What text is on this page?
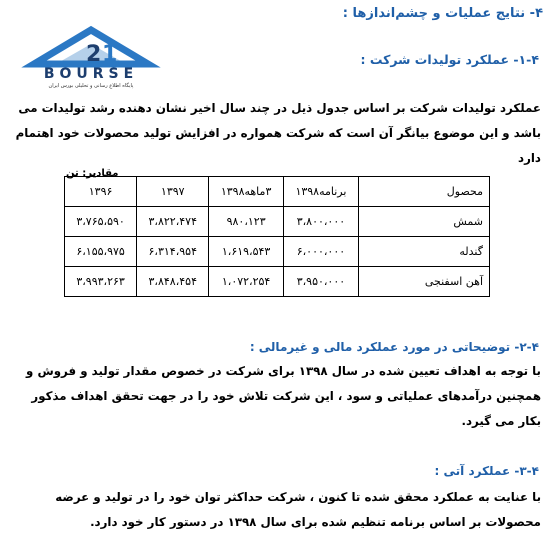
۴- نتایج عملیات و چشم‌اندازها :
2 1
BOURSE
پایگاه اطلاع رسانی و تحلیلی بورس ایران
۱-۴- عملکرد تولیدات شرکت :
عملکرد تولیدات شرکت بر اساس جدول ذیل در چند سال اخیر نشان دهنده رشد تولیدات می باشد و این موضوع بیانگر آن است که شرکت همواره در افزایش تولید محصولات خود اهتمام دارد
مقادیر: تن
محصول	برنامه۱۳۹۸	۳ماهه۱۳۹۸	۱۳۹۷	۱۳۹۶
شمش	۳،۸۰۰،۰۰۰	۹۸۰،۱۲۳	۳،۸۲۲،۴۷۴	۳،۷۶۵،۵۹۰
گندله	۶،۰۰۰،۰۰۰	۱،۶۱۹،۵۴۳	۶،۳۱۴،۹۵۴	۶،۱۵۵،۹۷۵
آهن اسفنجی	۳،۹۵۰،۰۰۰	۱،۰۷۲،۲۵۴	۳،۸۴۸،۴۵۴	۳،۹۹۳،۲۶۳
۲-۴- توضیحاتی در مورد عملکرد مالی و غیرمالی :
با توجه به اهداف تعیین شده در سال ۱۳۹۸ برای شرکت در خصوص مقدار تولید و فروش و همچنین درآمدهای عملیاتی و سود ، این شرکت تلاش خود را در جهت تحقق اهداف مذکور بکار می گیرد.
۳-۴- عملکرد آتی :
با عنایت به عملکرد محقق شده تا کنون ، شرکت حداکثر توان خود را در تولید و عرضه محصولات بر اساس برنامه تنظیم شده برای سال ۱۳۹۸ در دستور کار خود دارد.
